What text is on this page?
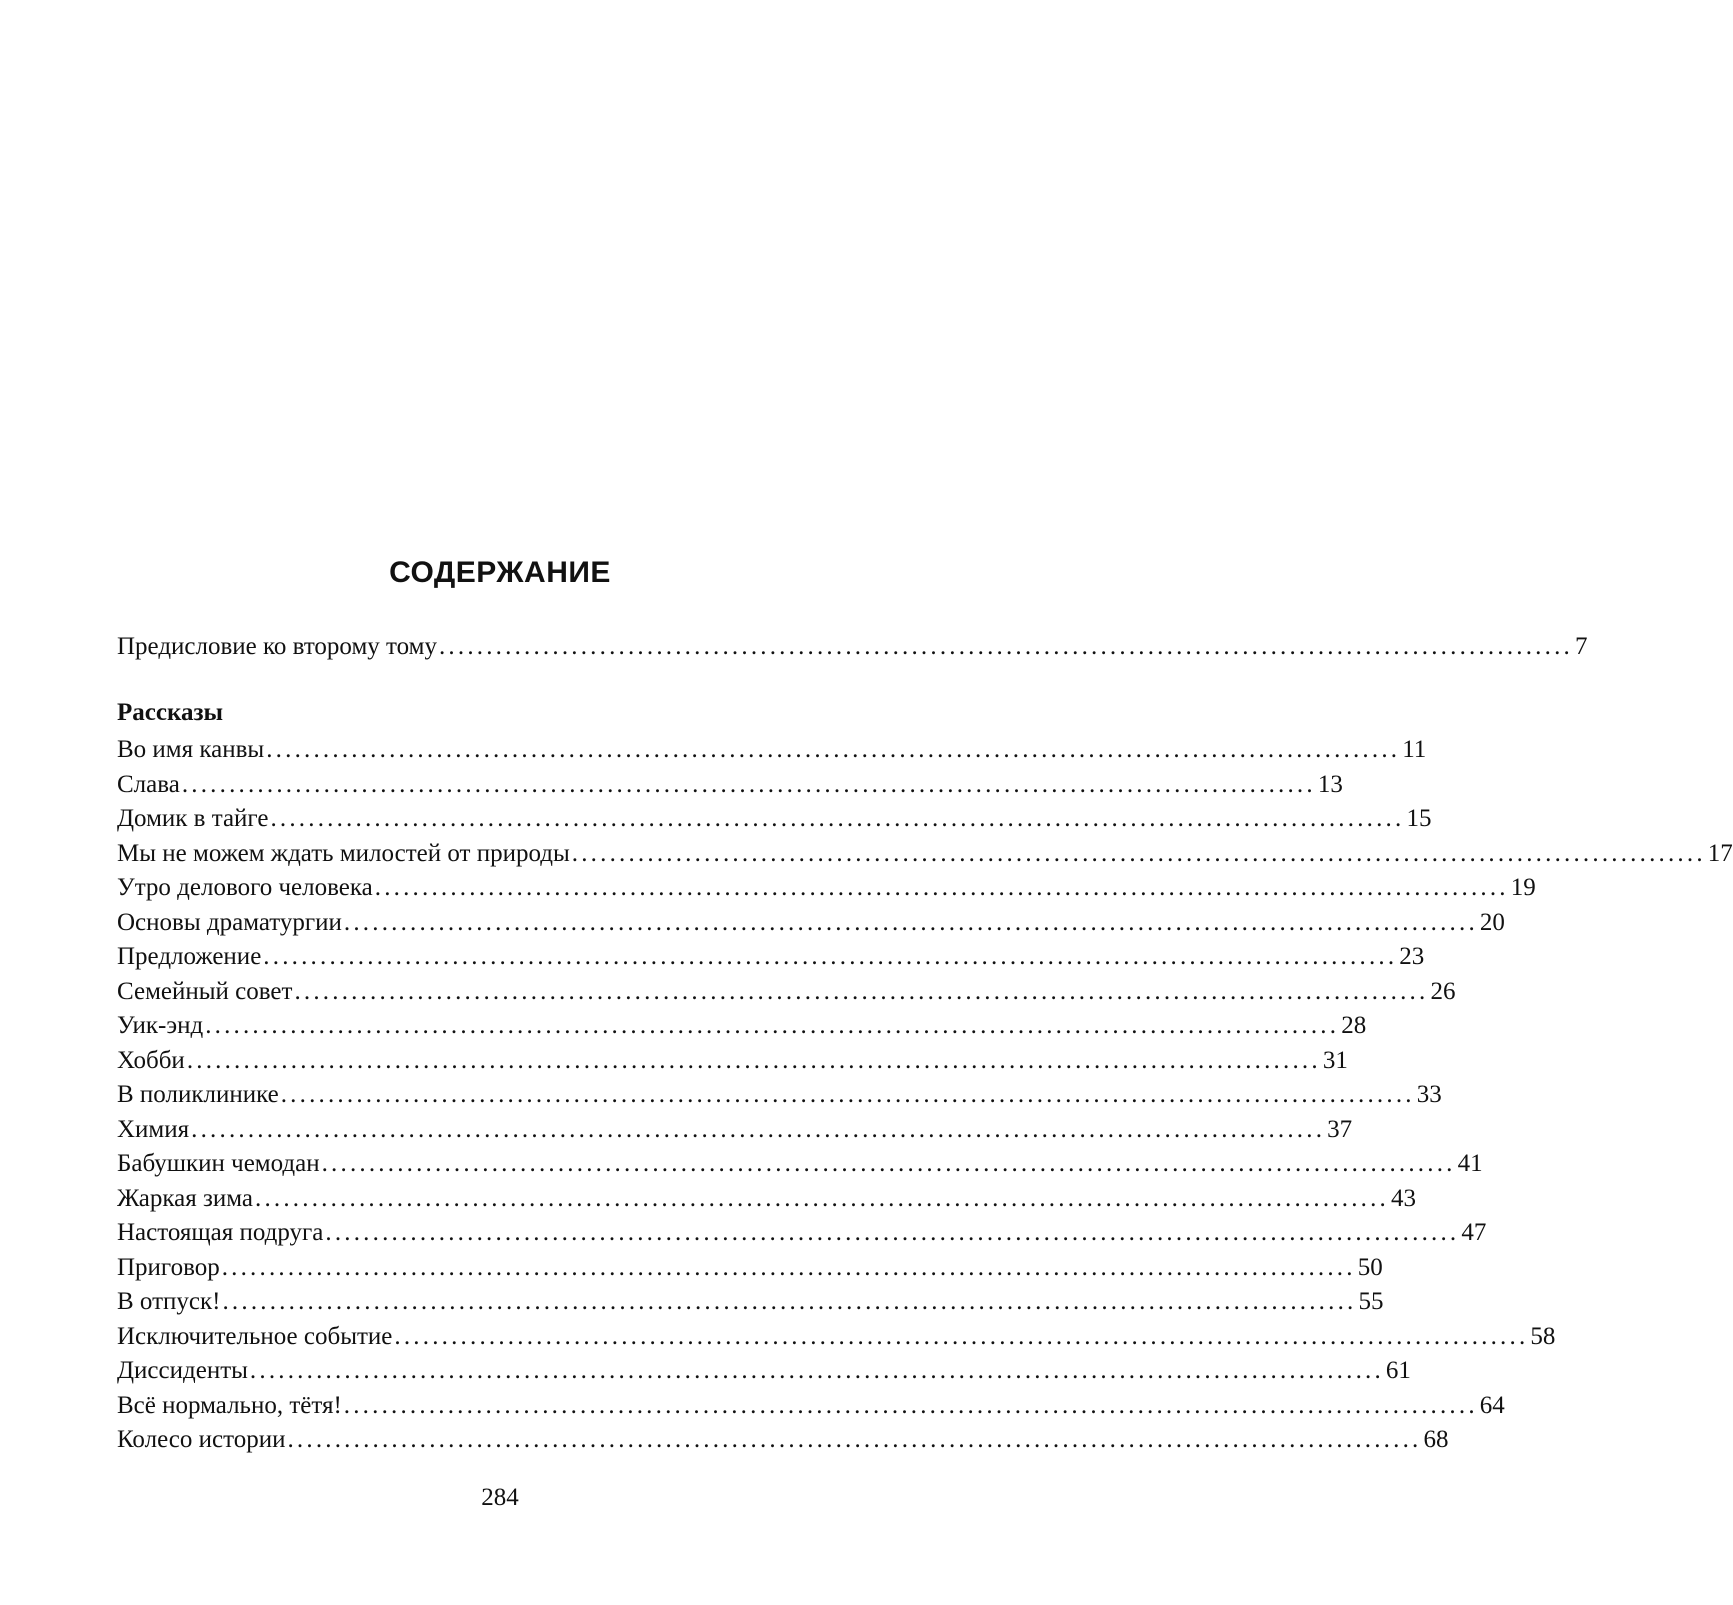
СОДЕРЖАНИЕ
Предисловие ко второму тому ........................................................................................................................ 7
Рассказы
Во имя канвы ........................................................................................................................ 11
Слава ........................................................................................................................ 13
Домик в тайге ........................................................................................................................ 15
Мы не можем ждать милостей от природы ........................................................................................................................ 17
Утро делового человека ........................................................................................................................ 19
Основы драматургии ........................................................................................................................ 20
Предложение ........................................................................................................................ 23
Семейный совет ........................................................................................................................ 26
Уик-энд ........................................................................................................................ 28
Хобби ........................................................................................................................ 31
В поликлинике ........................................................................................................................ 33
Химия ........................................................................................................................ 37
Бабушкин чемодан ........................................................................................................................ 41
Жаркая зима ........................................................................................................................ 43
Настоящая подруга ........................................................................................................................ 47
Приговор ........................................................................................................................ 50
В отпуск! ........................................................................................................................ 55
Исключительное событие ........................................................................................................................ 58
Диссиденты ........................................................................................................................ 61
Всё нормально, тётя! ........................................................................................................................ 64
Колесо истории ........................................................................................................................ 68

284
